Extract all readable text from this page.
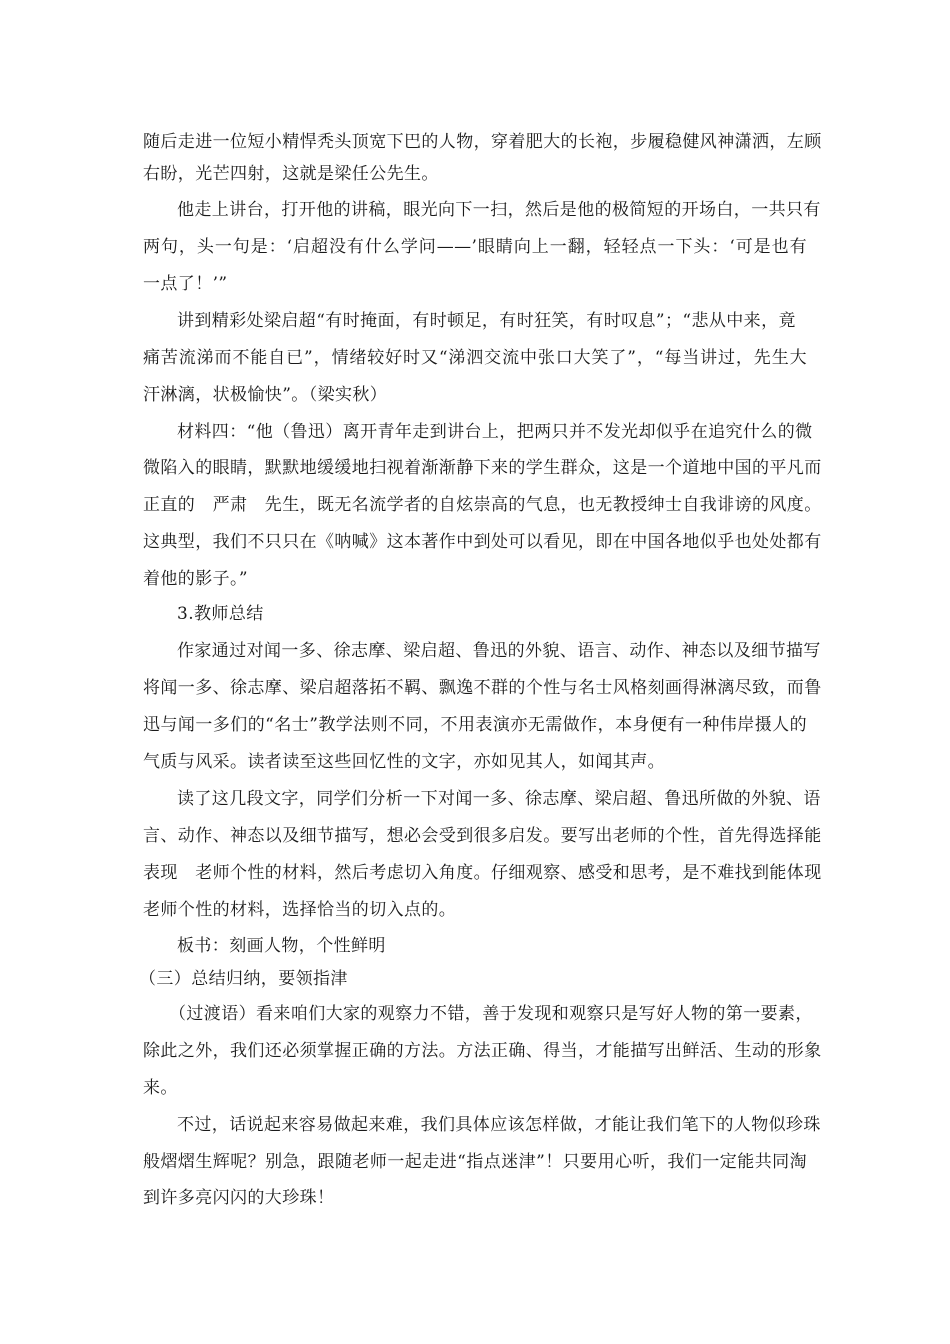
随后走进一位短小精悍秃头顶宽下巴的人物，穿着肥大的长袍，步履稳健风神潇洒，左顾
右盼，光芒四射，这就是梁任公先生。
他走上讲台，打开他的讲稿，眼光向下一扫，然后是他的极简短的开场白，一共只有
两句，头一句是：‘启超没有什么学问——’眼睛向上一翻，轻轻点一下头：‘可是也有
一点了！’”
讲到精彩处梁启超“有时掩面，有时顿足，有时狂笑，有时叹息”；“悲从中来，竟
痛苦流涕而不能自已”，情绪较好时又“涕泗交流中张口大笑了”，“每当讲过，先生大
汗淋漓，状极愉快”。（梁实秋）
材料四：“他（鲁迅）离开青年走到讲台上，把两只并不发光却似乎在追究什么的微
微陷入的眼睛，默默地缓缓地扫视着渐渐静下来的学生群众，这是一个道地中国的平凡而
正直的　严肃　先生，既无名流学者的自炫崇高的气息，也无教授绅士自我诽谤的风度。
这典型，我们不只只在《呐喊》这本著作中到处可以看见，即在中国各地似乎也处处都有
着他的影子。”
3.教师总结
作家通过对闻一多、徐志摩、梁启超、鲁迅的外貌、语言、动作、神态以及细节描写
将闻一多、徐志摩、梁启超落拓不羁、飘逸不群的个性与名士风格刻画得淋漓尽致，而鲁
迅与闻一多们的“名士”教学法则不同，不用表演亦无需做作，本身便有一种伟岸摄人的
气质与风采。读者读至这些回忆性的文字，亦如见其人，如闻其声。
读了这几段文字，同学们分析一下对闻一多、徐志摩、梁启超、鲁迅所做的外貌、语
言、动作、神态以及细节描写，想必会受到很多启发。要写出老师的个性，首先得选择能
表现　老师个性的材料，然后考虑切入角度。仔细观察、感受和思考，是不难找到能体现
老师个性的材料，选择恰当的切入点的。
板书：刻画人物，个性鲜明
（三）总结归纳，要领指津
（过渡语）看来咱们大家的观察力不错，善于发现和观察只是写好人物的第一要素，
除此之外，我们还必须掌握正确的方法。方法正确、得当，才能描写出鲜活、生动的形象
来。
不过，话说起来容易做起来难，我们具体应该怎样做，才能让我们笔下的人物似珍珠
般熠熠生辉呢？别急，跟随老师一起走进“指点迷津”！只要用心听，我们一定能共同淘
到许多亮闪闪的大珍珠！
